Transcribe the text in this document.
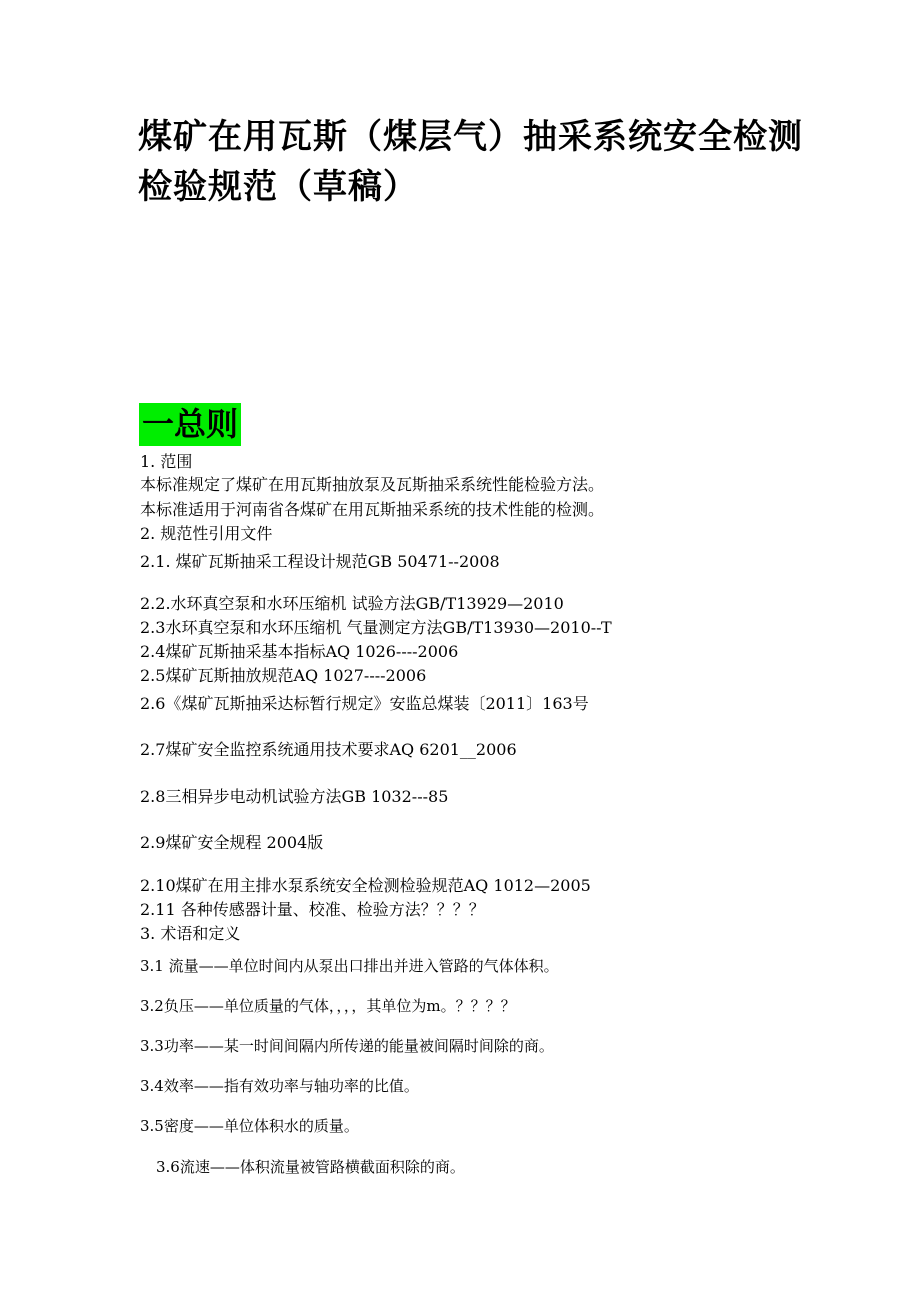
煤矿在用瓦斯（煤层气）抽采系统安全检测
检验规范（草稿）
一总则
1. 范围
本标准规定了煤矿在用瓦斯抽放泵及瓦斯抽采系统性能检验方法。
本标准适用于河南省各煤矿在用瓦斯抽采系统的技术性能的检测。
2. 规范性引用文件
2.1. 煤矿瓦斯抽采工程设计规范GB 50471--2008
2.2.水环真空泵和水环压缩机 试验方法GB/T13929—2010
2.3水环真空泵和水环压缩机 气量测定方法GB/T13930—2010--T
2.4煤矿瓦斯抽采基本指标AQ 1026----2006
2.5煤矿瓦斯抽放规范AQ 1027----2006
2.6《煤矿瓦斯抽采达标暂行规定》安监总煤装〔2011〕163号
2.7煤矿安全监控系统通用技术要求AQ 6201__2006
2.8三相异步电动机试验方法GB 1032---85
2.9煤矿安全规程 2004版
2.10煤矿在用主排水泵系统安全检测检验规范AQ 1012—2005
2.11 各种传感器计量、校准、检验方法？？？？
3. 术语和定义
3.1 流量——单位时间内从泵出口排出并进入管路的气体体积。
3.2负压——单位质量的气体，，，，其单位为m。？？？？
3.3功率——某一时间间隔内所传递的能量被间隔时间除的商。
3.4效率——指有效功率与轴功率的比值。
3.5密度——单位体积水的质量。
3.6流速——体积流量被管路横截面积除的商。
